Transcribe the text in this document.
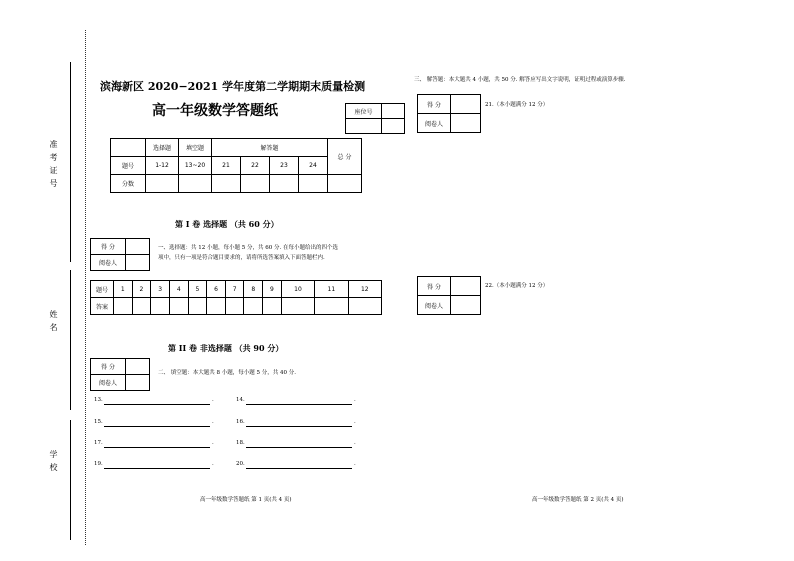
准考证号
姓名
学校
滨海新区 2020−2021 学年度第二学期期末质量检测
高一年级数学答题纸	座位号	

	选择题	填空题	解答题				总 分
题号	1-12	13~20	21	22	23	24	
分数							
第 I 卷 选择题 （共 60 分）
得 分	
阅卷人	
一、选择题：共 12 小题，每小题 5 分，共 60 分. 在每小题给出的四个选
项中，只有一项是符合题目要求的，请将所选答案填入下面答题栏内.
题号	1	2	3	4	5	6	7	8	9	10	11	12
答案												
第 II 卷 非选择题 （共 90 分）
得 分	
阅卷人	
二、 填空题：本大题共 8 小题，每小题 5 分，共 40 分.
13.	.	14.	.
15.	.	16.	.
17.	.	18.	.
19.	.	20.	.
三、 解答题：本大题共 4 小题，共 50 分. 解答应写出文字说明，证明过程或演算步骤.
得 分	
阅卷人	
21.（本小题满分 12 分）
得 分	
阅卷人	
22.（本小题满分 12 分）
高一年级数学答题纸 第 1 页(共 4 页)	高一年级数学答题纸 第 2 页(共 4 页)
